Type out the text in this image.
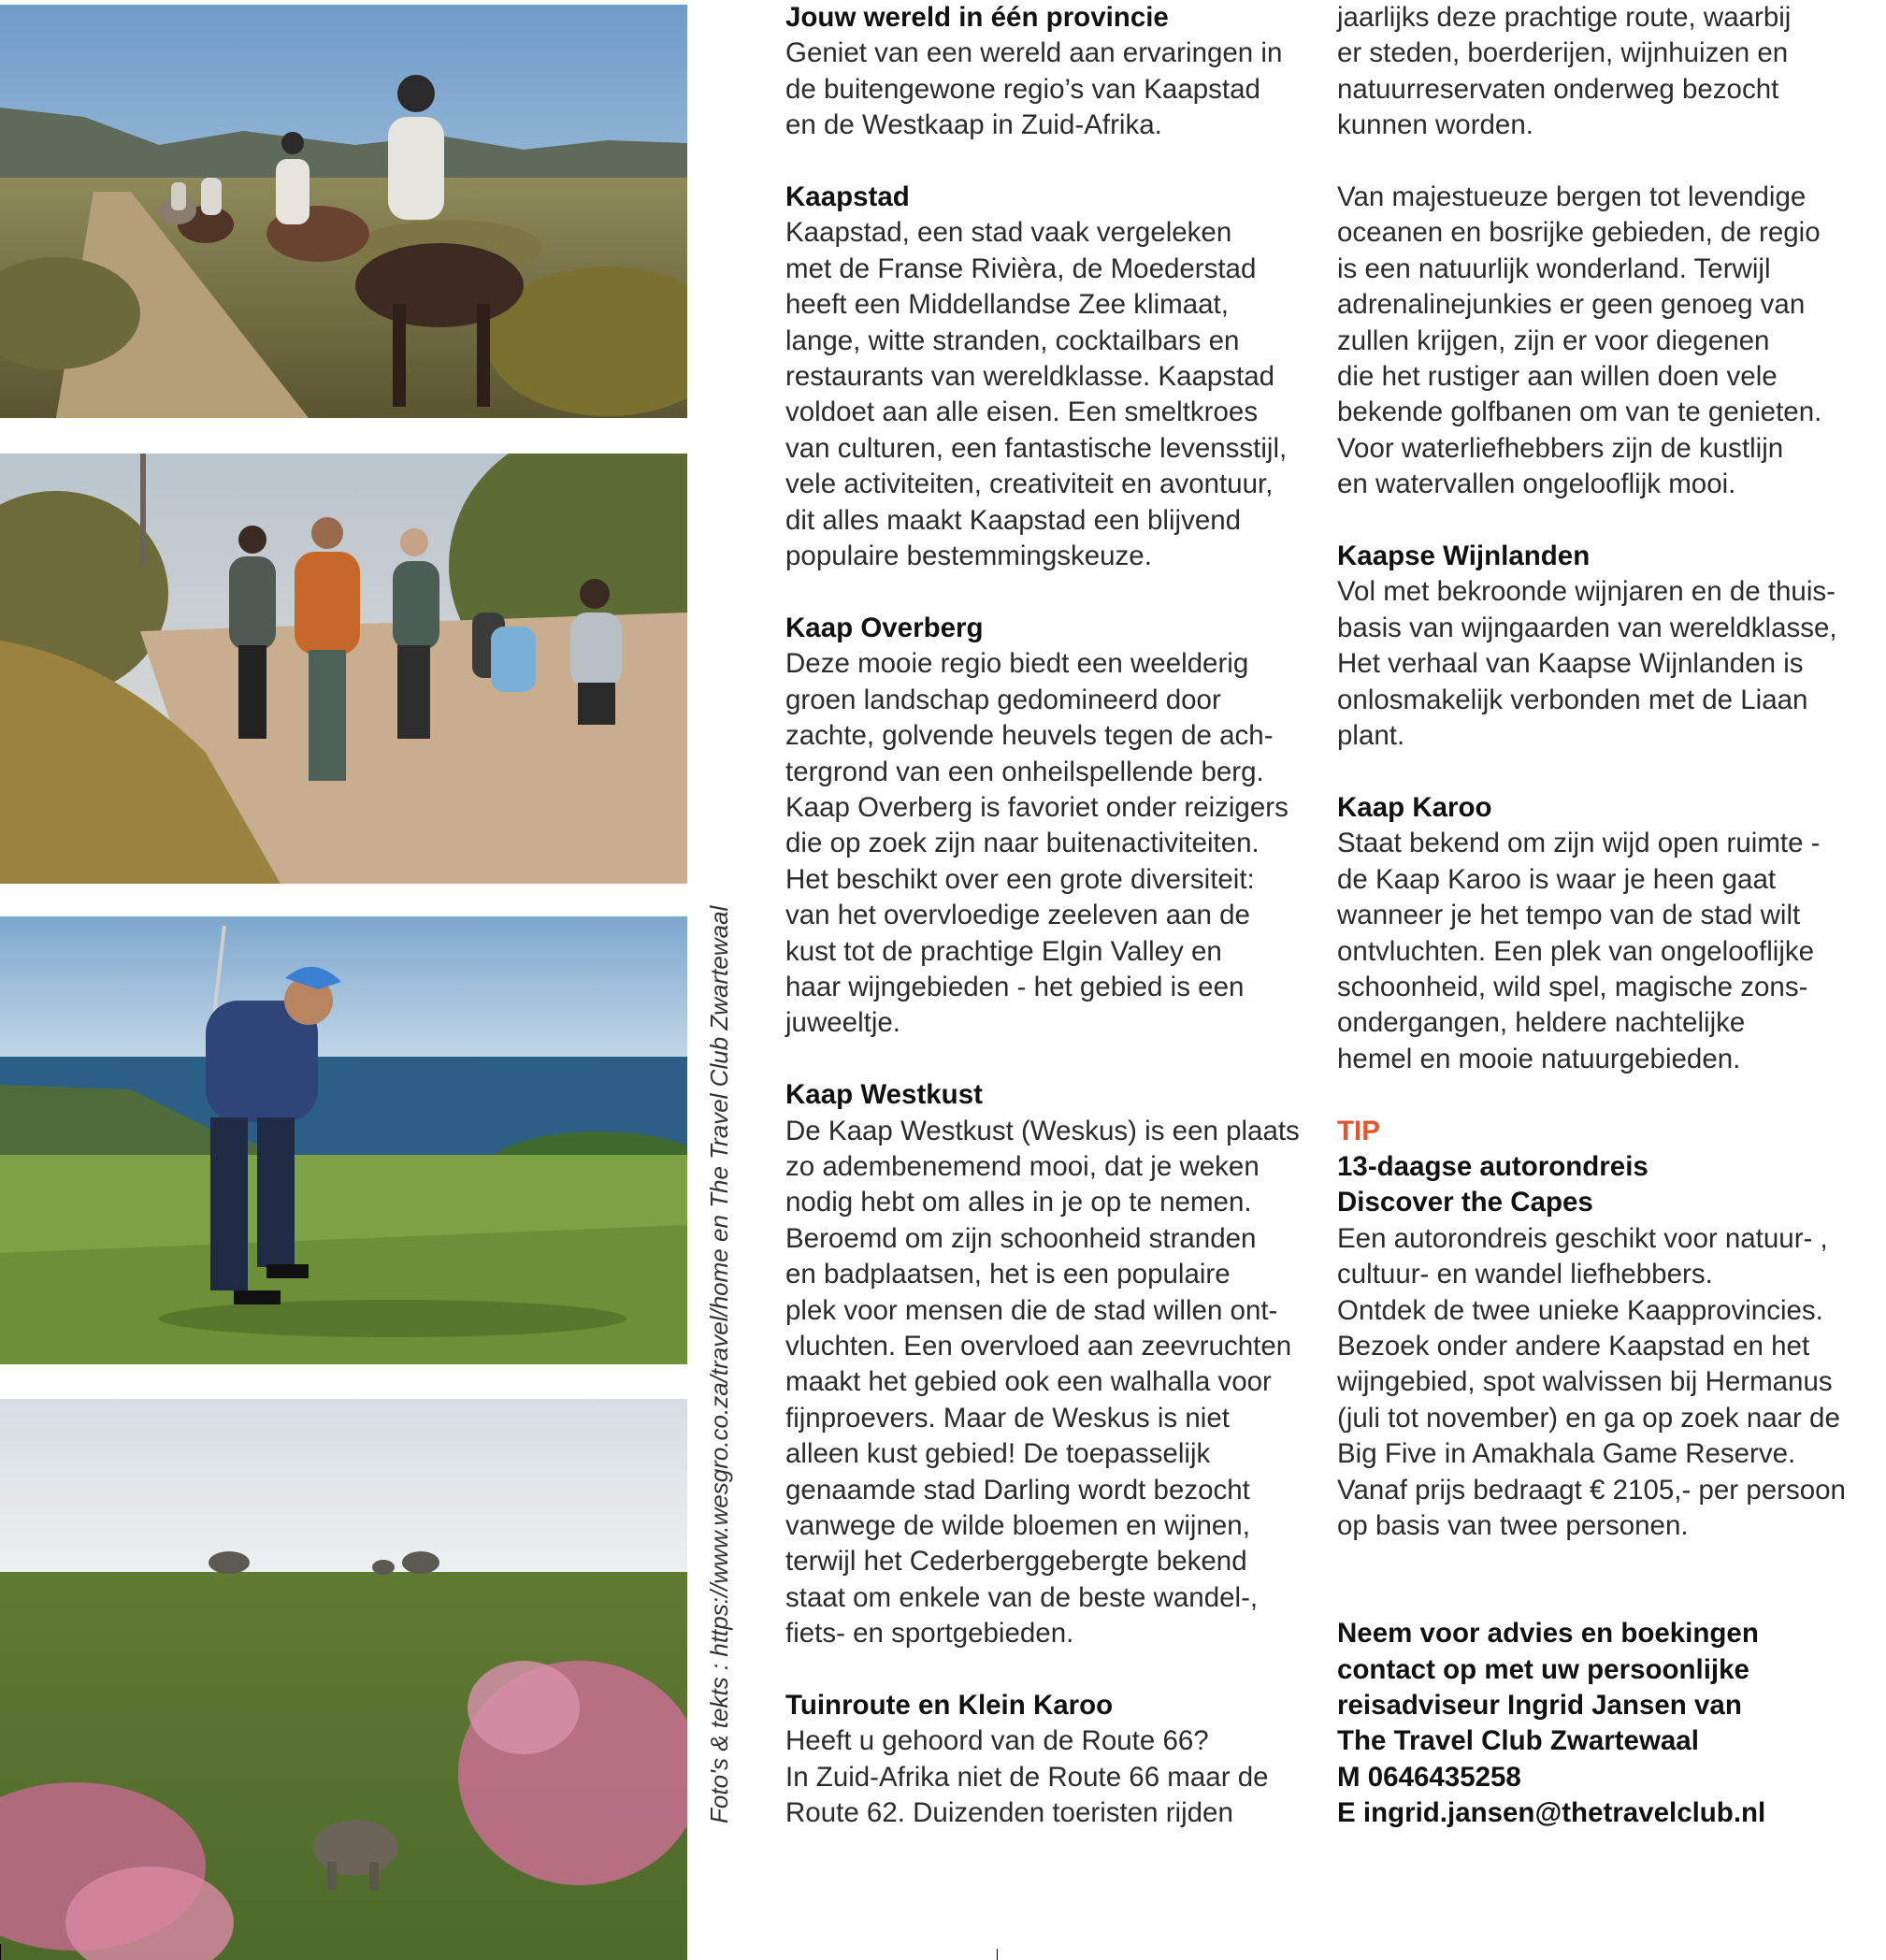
Foto's & tekts : https://www.wesgro.co.za/travel/home en The Travel Club Zwartewaal
Jouw wereld in één provincie

Geniet van een wereld aan ervaringen in
de buitengewone regio’s van Kaapstad
en de Westkaap in Zuid-Afrika.

Kaapstad

Kaapstad, een stad vaak vergeleken
met de Franse Rivièra, de Moederstad
heeft een Middellandse Zee klimaat,
lange, witte stranden, cocktailbars en
restaurants van wereldklasse. Kaapstad
voldoet aan alle eisen. Een smeltkroes
van culturen, een fantastische levensstijl,
vele activiteiten, creativiteit en avontuur,
dit alles maakt Kaapstad een blijvend
populaire bestemmingskeuze.

Kaap Overberg

Deze mooie regio biedt een weelderig
groen landschap gedomineerd door
zachte, golvende heuvels tegen de ach-
tergrond van een onheilspellende berg.
Kaap Overberg is favoriet onder reizigers
die op zoek zijn naar buitenactiviteiten.
Het beschikt over een grote diversiteit:
van het overvloedige zeeleven aan de
kust tot de prachtige Elgin Valley en
haar wijngebieden - het gebied is een
juweeltje.

Kaap Westkust

De Kaap Westkust (Weskus) is een plaats
zo adembenemend mooi, dat je weken
nodig hebt om alles in je op te nemen.
Beroemd om zijn schoonheid stranden
en badplaatsen, het is een populaire
plek voor mensen die de stad willen ont-
vluchten. Een overvloed aan zeevruchten
maakt het gebied ook een walhalla voor
fijnproevers. Maar de Weskus is niet
alleen kust gebied! De toepasselijk
genaamde stad Darling wordt bezocht
vanwege de wilde bloemen en wijnen,
terwijl het Cederberggebergte bekend
staat om enkele van de beste wandel-,
fiets- en sportgebieden.

Tuinroute en Klein Karoo

Heeft u gehoord van de Route 66?
In Zuid-Afrika niet de Route 66 maar de
Route 62. Duizenden toeristen rijden

jaarlijks deze prachtige route, waarbij
er steden, boerderijen, wijnhuizen en
natuurreservaten onderweg bezocht
kunnen worden.

Van majestueuze bergen tot levendige
oceanen en bosrijke gebieden, de regio
is een natuurlijk wonderland. Terwijl
adrenalinejunkies er geen genoeg van
zullen krijgen, zijn er voor diegenen
die het rustiger aan willen doen vele
bekende golfbanen om van te genieten.
Voor waterliefhebbers zijn de kustlijn
en watervallen ongelooflijk mooi.

Kaapse Wijnlanden

Vol met bekroonde wijnjaren en de thuis-
basis van wijngaarden van wereldklasse,
Het verhaal van Kaapse Wijnlanden is
onlosmakelijk verbonden met de Liaan
plant.

Kaap Karoo

Staat bekend om zijn wijd open ruimte -
de Kaap Karoo is waar je heen gaat
wanneer je het tempo van de stad wilt
ontvluchten. Een plek van ongelooflijke
schoonheid, wild spel, magische zons-
ondergangen, heldere nachtelijke
hemel en mooie natuurgebieden.

TIP
13-daagse autorondreis
Discover the Capes

Een autorondreis geschikt voor natuur- ,
cultuur- en wandel liefhebbers.
Ontdek de twee unieke Kaapprovincies.
Bezoek onder andere Kaapstad en het
wijngebied, spot walvissen bij Hermanus
(juli tot november) en ga op zoek naar de
Big Five in Amakhala Game Reserve.
Vanaf prijs bedraagt € 2105,- per persoon
op basis van twee personen.

Neem voor advies en boekingen
contact op met uw persoonlijke
reisadviseur Ingrid Jansen van
The Travel Club Zwartewaal
M 0646435258
E ingrid.jansen@thetravelclub.nl
